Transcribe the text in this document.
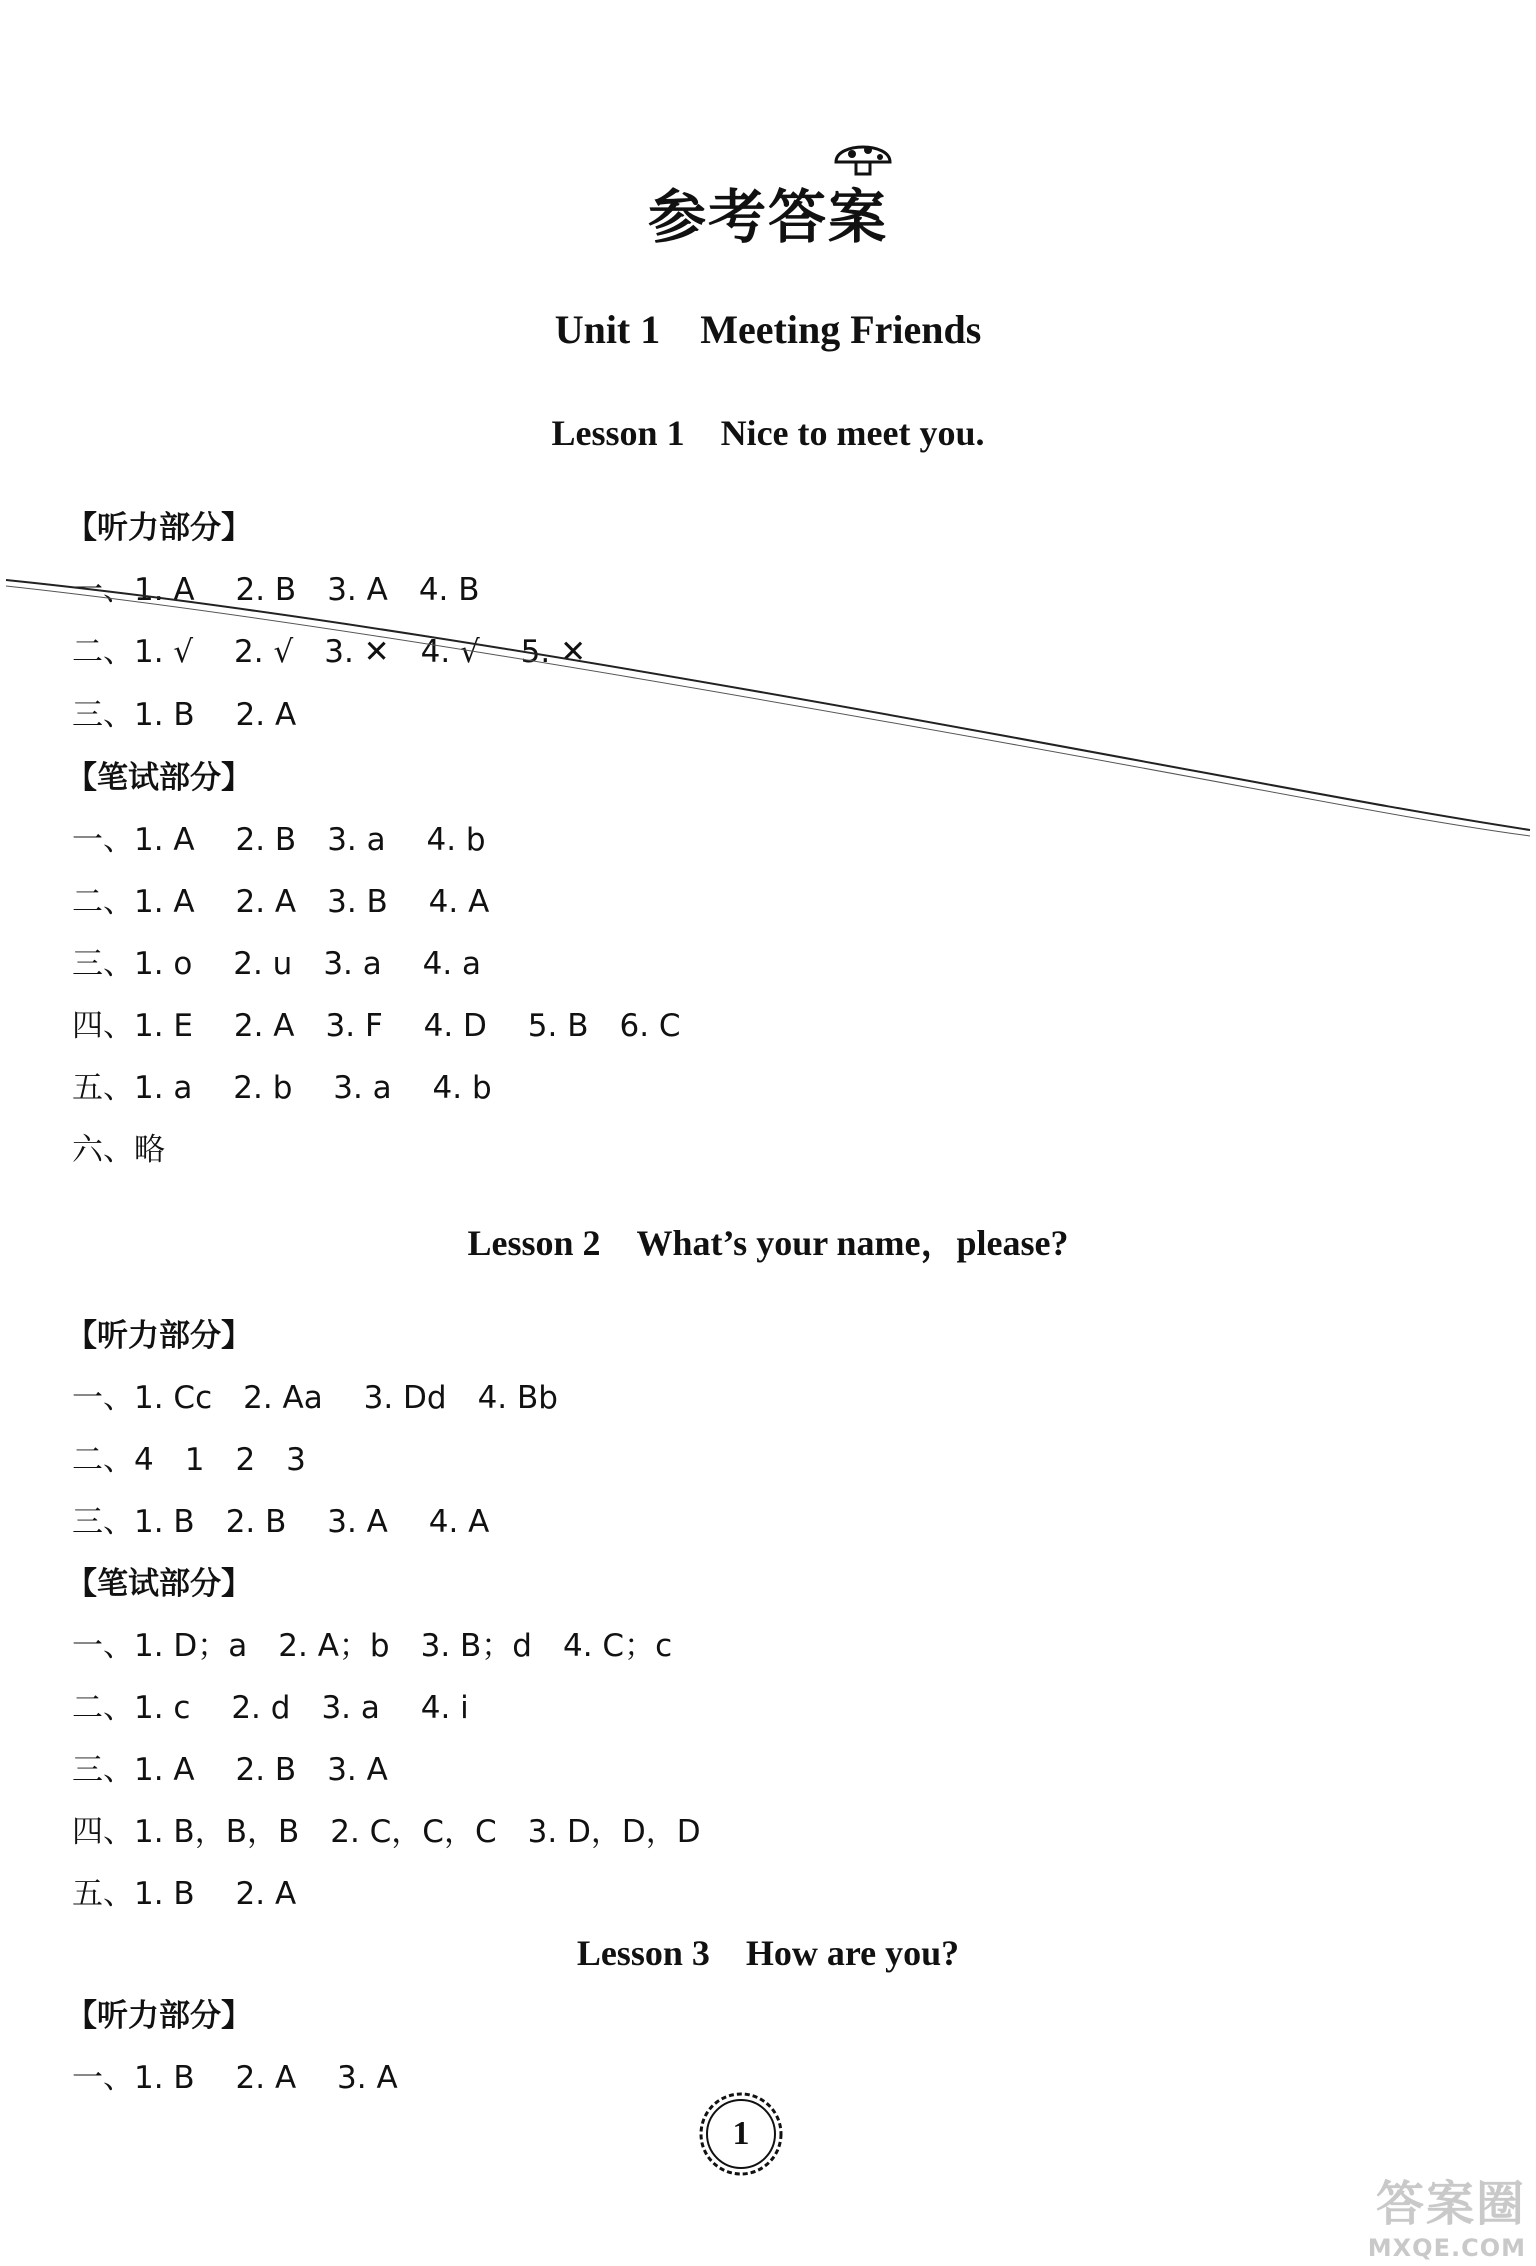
参考答案
Unit 1　Meeting Friends
Lesson 1　Nice to meet you.
【听力部分】
一、1. A　 2. B　3. A　4. B
二、1. √　 2. √　3. ✕　4. √　 5. ✕
三、1. B　 2. A
【笔试部分】
一、1. A　 2. B　3. a　 4. b
二、1. A　 2. A　3. B　 4. A
三、1. o　 2. u　3. a　 4. a
四、1. E　 2. A　3. F　 4. D　 5. B　6. C
五、1. a　 2. b　 3. a　 4. b
六、略
Lesson 2　What’s your name，please?
【听力部分】
一、1. Cc　2. Aa　 3. Dd　4. Bb
二、4　1　2　3
三、1. B　2. B　 3. A　 4. A
【笔试部分】
一、1. D；a　2. A；b　3. B；d　4. C；c
二、1. c　 2. d　3. a　 4. i
三、1. A　 2. B　3. A
四、1. B，B，B　2. C，C，C　3. D，D，D
五、1. B　 2. A
Lesson 3　How are you?
【听力部分】
一、1. B　 2. A　 3. A
1
答案圈
MXQE.COM
